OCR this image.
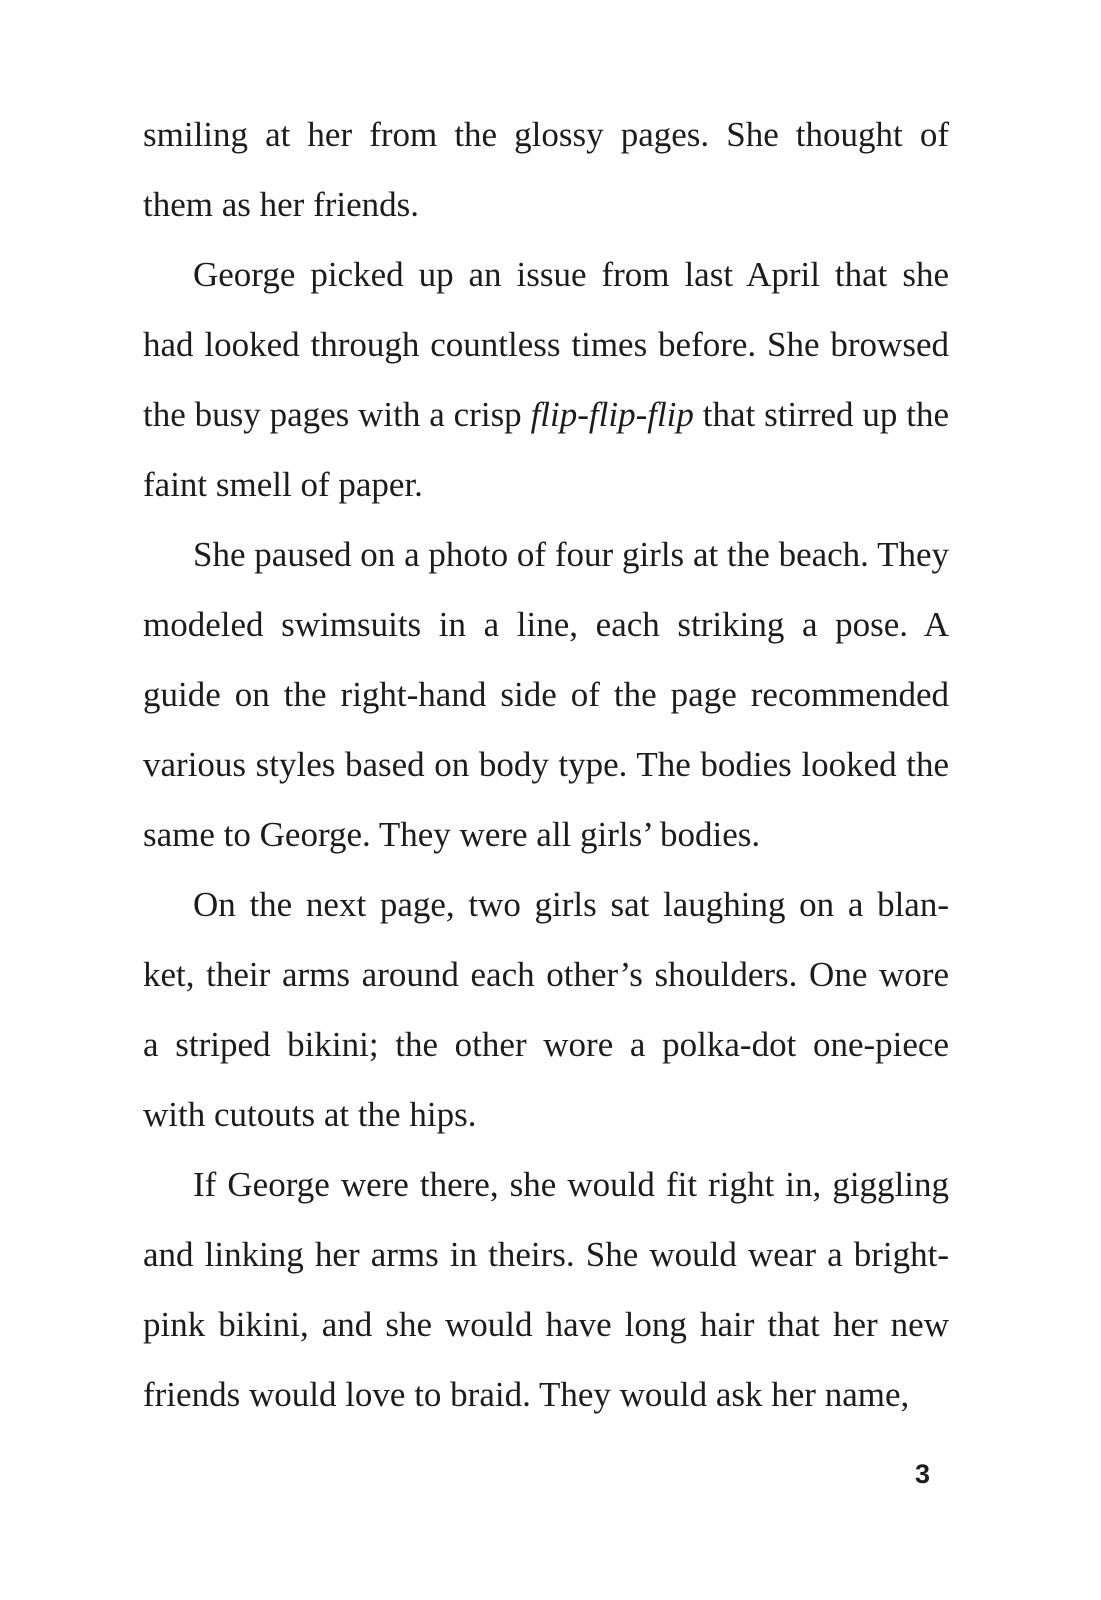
smiling at her from the glossy pages. She thought of them as her friends.

George picked up an issue from last April that she had looked through countless times before. She browsed the busy pages with a crisp flip-flip-flip that stirred up the faint smell of paper.

She paused on a photo of four girls at the beach. They modeled swimsuits in a line, each striking a pose. A guide on the right-hand side of the page recommended various styles based on body type. The bodies looked the same to George. They were all girls’ bodies.

On the next page, two girls sat laughing on a blan-ket, their arms around each other’s shoulders. One wore a striped bikini; the other wore a polka-dot one-piece with cutouts at the hips.

If George were there, she would fit right in, giggling and linking her arms in theirs. She would wear a bright-pink bikini, and she would have long hair that her new friends would love to braid. They would ask her name,

3
